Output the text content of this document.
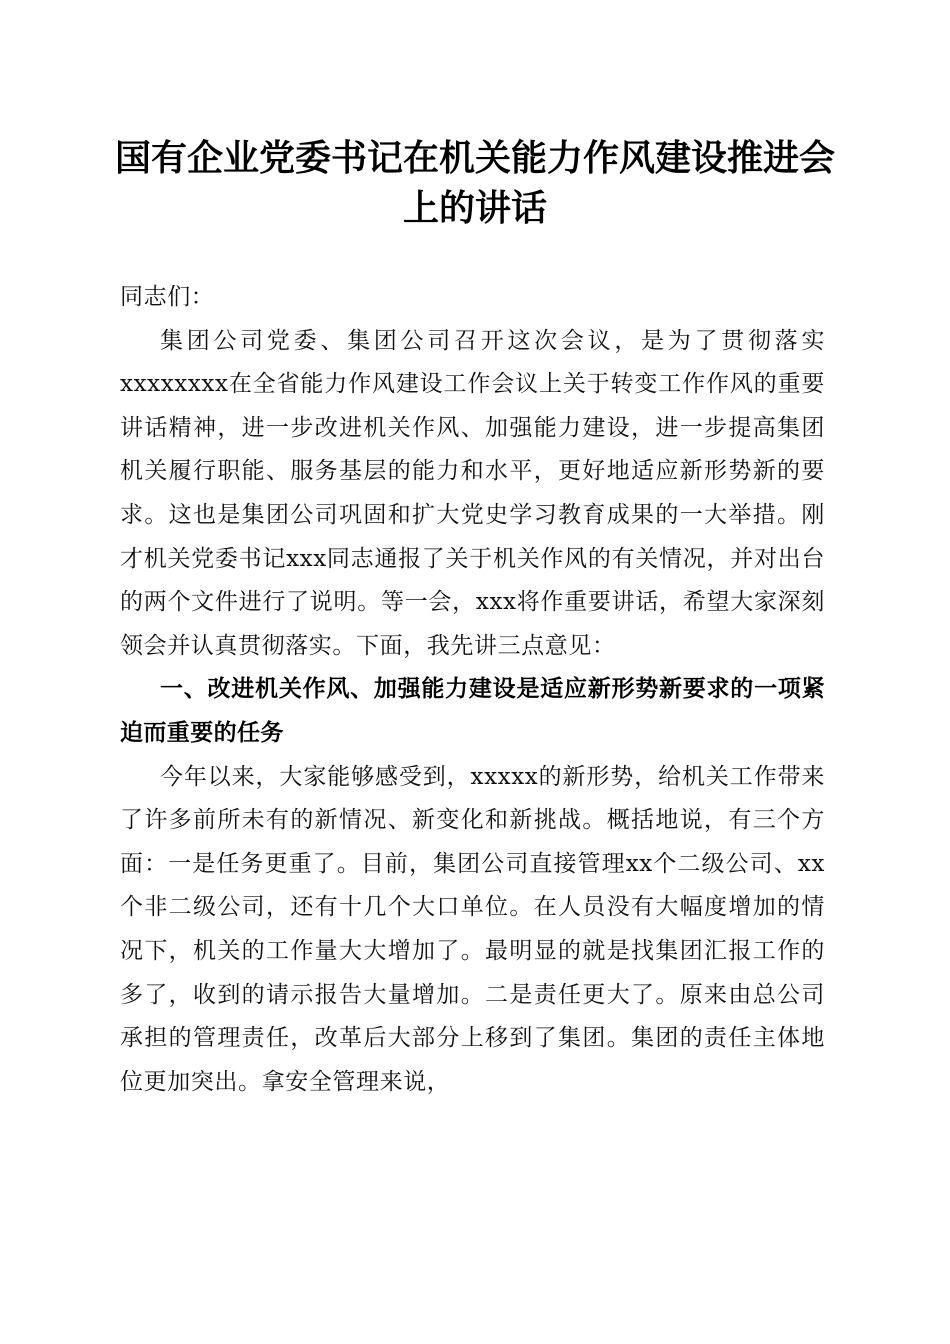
国有企业党委书记在机关能力作风建设推进会上的讲话

同志们：

集团公司党委、集团公司召开这次会议，是为了贯彻落实xxxxxxxx在全省能力作风建设工作会议上关于转变工作作风的重要讲话精神，进一步改进机关作风、加强能力建设，进一步提高集团机关履行职能、服务基层的能力和水平，更好地适应新形势新的要求。这也是集团公司巩固和扩大党史学习教育成果的一大举措。刚才机关党委书记xxx同志通报了关于机关作风的有关情况，并对出台的两个文件进行了说明。等一会，xxx将作重要讲话，希望大家深刻领会并认真贯彻落实。下面，我先讲三点意见：

一、改进机关作风、加强能力建设是适应新形势新要求的一项紧迫而重要的任务

今年以来，大家能够感受到，xxxxx的新形势，给机关工作带来了许多前所未有的新情况、新变化和新挑战。概括地说，有三个方面：一是任务更重了。目前，集团公司直接管理xx个二级公司、xx个非二级公司，还有十几个大口单位。在人员没有大幅度增加的情况下，机关的工作量大大增加了。最明显的就是找集团汇报工作的多了，收到的请示报告大量增加。二是责任更大了。原来由总公司承担的管理责任，改革后大部分上移到了集团。集团的责任主体地位更加突出。拿安全管理来说，
